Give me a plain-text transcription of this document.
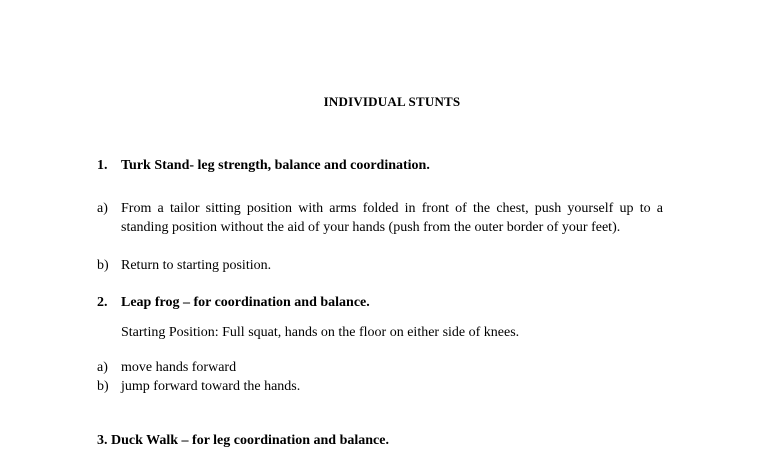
INDIVIDUAL STUNTS
1. Turk Stand- leg strength, balance and coordination.
a) From a tailor sitting position with arms folded in front of the chest, push yourself up to a standing position without the aid of your hands (push from the outer border of your feet).
b) Return to starting position.
2. Leap frog – for coordination and balance.
Starting Position: Full squat, hands on the floor on either side of knees.
a) move hands forward
b) jump forward toward the hands.
3. Duck Walk – for leg coordination and balance.
